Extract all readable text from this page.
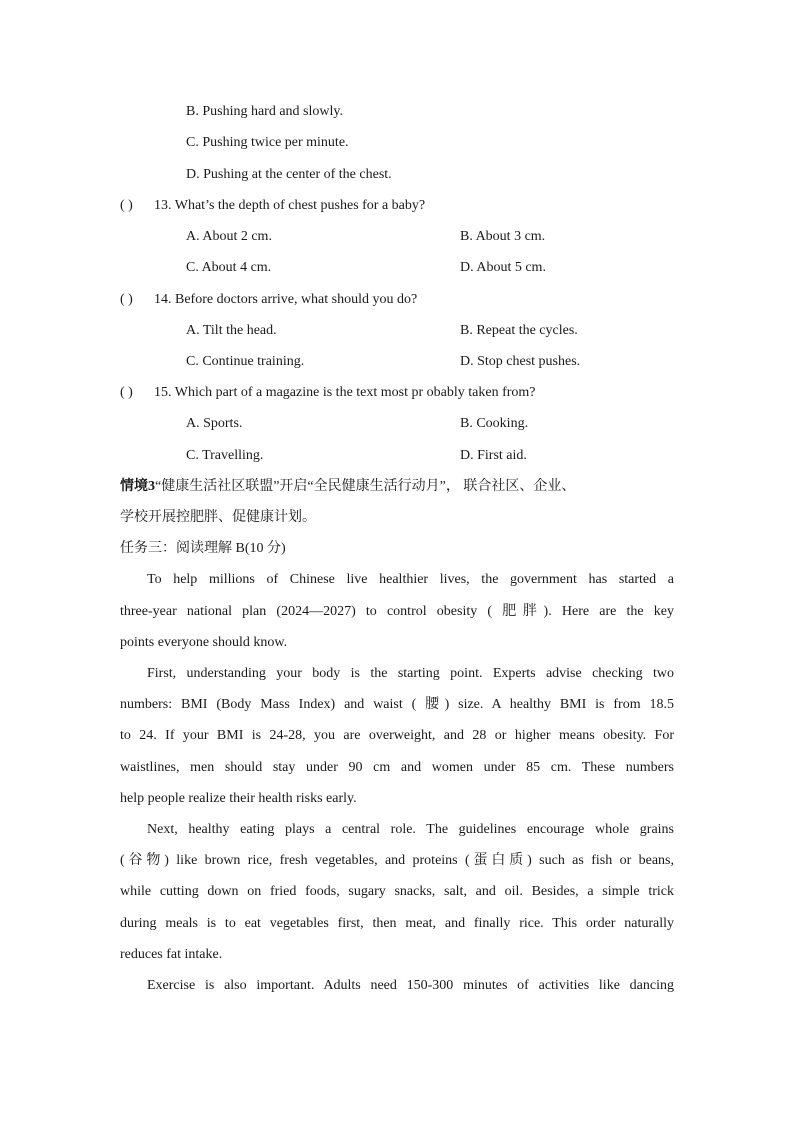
B. Pushing hard and slowly.
C. Pushing twice per minute.
D. Pushing at the center of the chest.
( ) 13. What’s the depth of chest pushes for a baby?
A. About 2 cm.	B. About 3 cm.
C. About 4 cm.	D. About 5 cm.
( ) 14. Before doctors arrive, what should you do?
A. Tilt the head.	B. Repeat the cycles.
C. Continue training.	D. Stop chest pushes.
( ) 15. Which part of a magazine is the text most pr obably taken from?
A. Sports.	B. Cooking.
C. Travelling.	D. First aid.
情境3“健康生活社区联盟”开启“全民健康生活行动月”， 联合社区、企业、
学校开展控肥胖、促健康计划。
任务三：阅读理解 B(10 分)
To help millions of Chinese live healthier lives, the government has started a
three-year national plan (2024—2027) to control obesity ( 肥胖). Here are the key
points everyone should know.
First, understanding your body is the starting point. Experts advise checking two
numbers: BMI (Body Mass Index) and waist ( 腰) size. A healthy BMI is from 18.5
to 24. If your BMI is 24-28, you are overweight, and 28 or higher means obesity. For
waistlines, men should stay under 90 cm and women under 85 cm. These numbers
help people realize their health risks early.
Next, healthy eating plays a central role. The guidelines encourage whole grains
(谷物) like brown rice, fresh vegetables, and proteins (蛋白质) such as fish or beans,
while cutting down on fried foods, sugary snacks, salt, and oil. Besides, a simple trick
during meals is to eat vegetables first, then meat, and finally rice. This order naturally
reduces fat intake.
Exercise is also important. Adults need 150-300 minutes of activities like dancing
